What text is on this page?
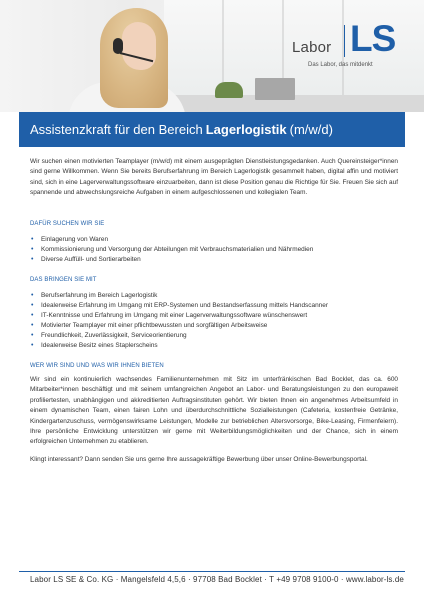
Labor LS
Das Labor, das mitdenkt
Assistenzkraft für den Bereich Lagerlogistik (m/w/d)

Wir suchen einen motivierten Teamplayer (m/w/d) mit einem ausgeprägten Dienstleistungsgedanken. Auch Quereinsteiger*innen sind gerne Willkommen. Wenn Sie bereits Berufserfahrung im Bereich Lagerlogistik gesammelt haben, digital affin und motiviert sind, sich in eine Lagerverwaltungssoftware einzuarbeiten, dann ist diese Position genau die Richtige für Sie. Freuen Sie sich auf spannende und abwechslungsreiche Aufgaben in einem aufgeschlossenen und kollegialen Team.

DAFÜR SUCHEN WIR SIE
• Einlagerung von Waren
• Kommissionierung und Versorgung der Abteilungen mit Verbrauchsmaterialien und Nährmedien
• Diverse Auffüll- und Sortierarbeiten
DAS BRINGEN SIE MIT
• Berufserfahrung im Bereich Lagerlogistik
• Idealerweise Erfahrung im Umgang mit ERP-Systemen und Bestandserfassung mittels Handscanner
• IT-Kenntnisse und Erfahrung im Umgang mit einer Lagerverwaltungssoftware wünschenswert
• Motivierter Teamplayer mit einer pflichtbewussten und sorgfältigen Arbeitsweise
• Freundlichkeit, Zuverlässigkeit, Serviceorientierung
• Idealerweise Besitz eines Staplerscheins
WER WIR SIND UND WAS WIR IHNEN BIETEN

Wir sind ein kontinuierlich wachsendes Familienunternehmen mit Sitz im unterfränkischen Bad Bocklet, das ca. 600 Mitarbeiter*innen beschäftigt und mit seinem umfangreichen Angebot an Labor- und Beratungsleistungen zu den europaweit profiliertesten, unabhängigen und akkreditierten Auftragsinstituten gehört. Wir bieten Ihnen ein angenehmes Arbeitsumfeld in einem dynamischen Team, einen fairen Lohn und überdurchschnittliche Sozialleistungen (Cafeteria, kostenfreie Getränke, Kindergartenzuschuss, vermögenswirksame Leistungen, Modelle zur betrieblichen Altersvorsorge, Bike-Leasing, Firmenfeiern). Ihre persönliche Entwicklung unterstützen wir gerne mit Weiterbildungsmöglichkeiten und der Chance, sich in einem erfolgreichen Unternehmen zu etablieren.

Klingt interessant? Dann senden Sie uns gerne Ihre aussagekräftige Bewerbung über unser Online-Bewerbungsportal.

Labor LS SE & Co. KG · Mangelsfeld 4,5,6 · 97708 Bad Bocklet · T +49 9708 9100-0 · www.labor-ls.de
